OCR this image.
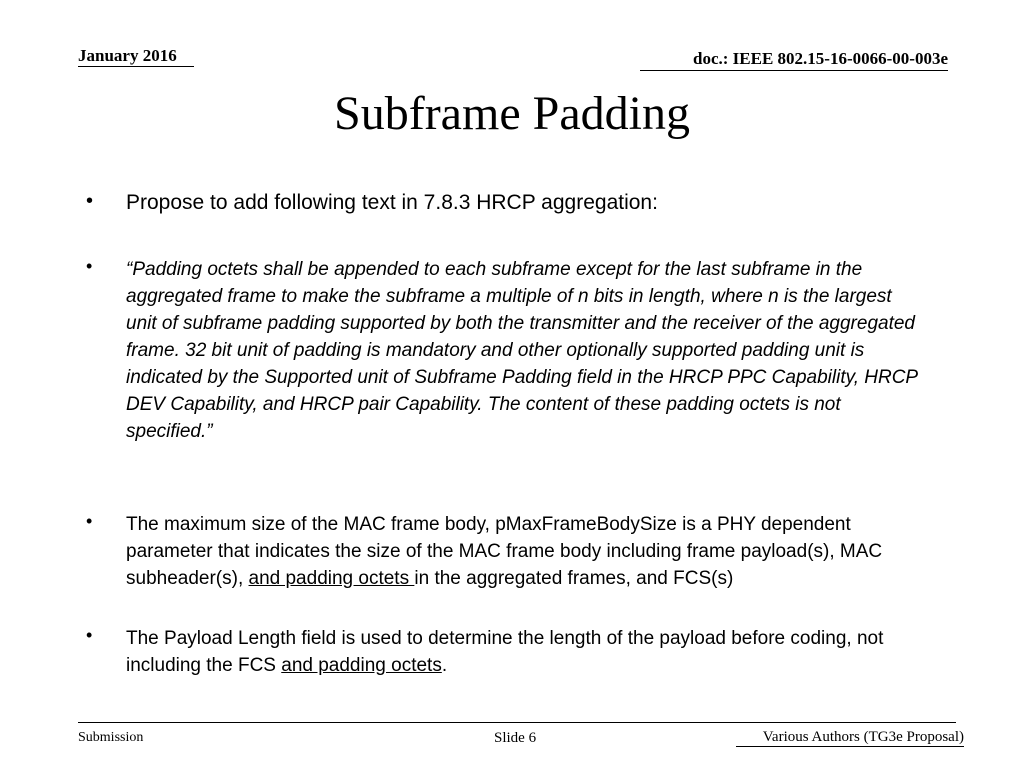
January 2016	doc.: IEEE 802.15-16-0066-00-003e
Subframe Padding
• Propose to add following text in 7.8.3 HRCP aggregation:
• “Padding octets shall be appended to each subframe except for the last subframe in the aggregated frame to make the subframe a multiple of n bits in length, where n is the largest unit of subframe padding supported by both the transmitter and the receiver of the aggregated frame. 32 bit unit of padding is mandatory and other optionally supported padding unit is indicated by the Supported unit of Subframe Padding field in the HRCP PPC Capability, HRCP DEV Capability, and HRCP pair Capability. The content of these padding octets is not specified.”
• The maximum size of the MAC frame body, pMaxFrameBodySize is a PHY dependent parameter that indicates the size of the MAC frame body including frame payload(s), MAC subheader(s), and padding octets in the aggregated frames, and FCS(s)
• The Payload Length field is used to determine the length of the payload before coding, not including the FCS and padding octets.
Submission	Slide 6	Various Authors (TG3e Proposal)
